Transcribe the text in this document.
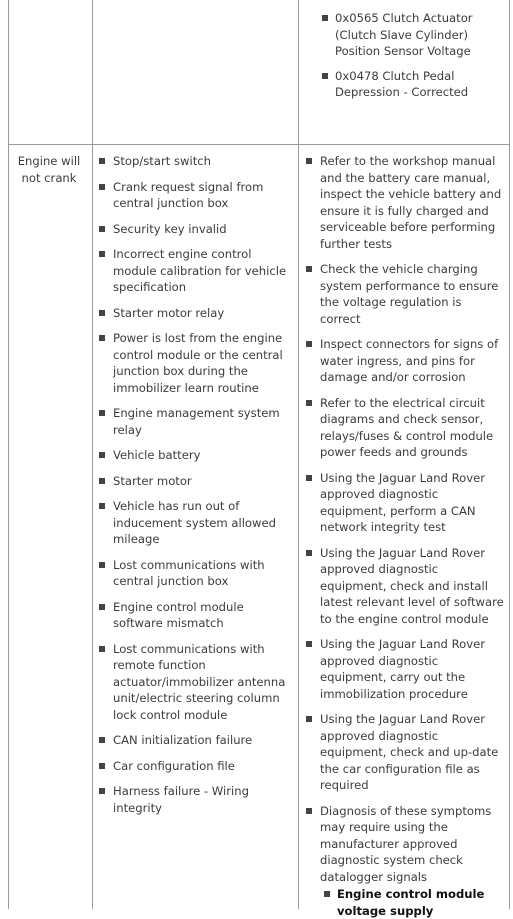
0x0565 Clutch Actuator (Clutch Slave Cylinder) Position Sensor Voltage
0x0478 Clutch Pedal Depression - Corrected
Engine will not crank
Stop/start switch
Crank request signal from central junction box
Security key invalid
Incorrect engine control module calibration for vehicle specification
Starter motor relay
Power is lost from the engine control module or the central junction box during the immobilizer learn routine
Engine management system relay
Vehicle battery
Starter motor
Vehicle has run out of inducement system allowed mileage
Lost communications with central junction box
Engine control module software mismatch
Lost communications with remote function actuator/immobilizer antenna unit/electric steering column lock control module
CAN initialization failure
Car configuration file
Harness failure - Wiring integrity
Refer to the workshop manual and the battery care manual, inspect the vehicle battery and ensure it is fully charged and serviceable before performing further tests
Check the vehicle charging system performance to ensure the voltage regulation is correct
Inspect connectors for signs of water ingress, and pins for damage and/or corrosion
Refer to the electrical circuit diagrams and check sensor, relays/fuses & control module power feeds and grounds
Using the Jaguar Land Rover approved diagnostic equipment, perform a CAN network integrity test
Using the Jaguar Land Rover approved diagnostic equipment, check and install latest relevant level of software to the engine control module
Using the Jaguar Land Rover approved diagnostic equipment, carry out the immobilization procedure
Using the Jaguar Land Rover approved diagnostic equipment, check and up-date the car configuration file as required
Diagnosis of these symptoms may require using the manufacturer approved diagnostic system check datalogger signals
Engine control module voltage supply
